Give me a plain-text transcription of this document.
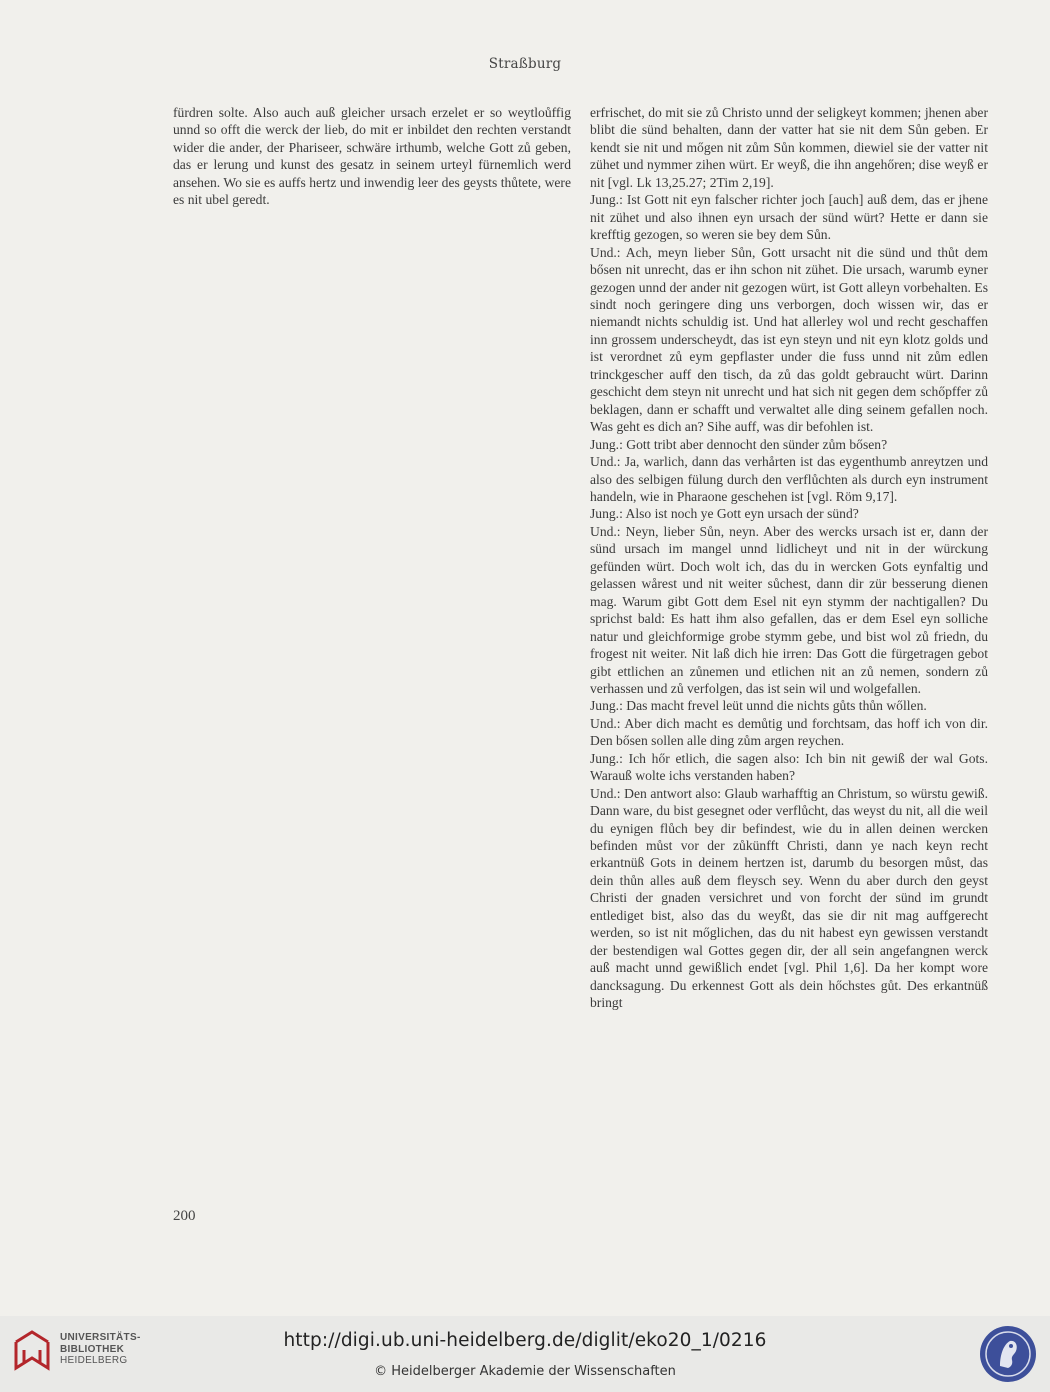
Straßburg

fürdren solte. Also auch auß gleicher ursach erzelet er so weytloůffig unnd so offt die werck der lieb, do mit er inbildet den rechten verstandt wider die ander, der Phariseer, schwäre irthumb, welche Gott zů geben, das er lerung und kunst des gesatz in seinem urteyl fürnemlich werd ansehen. Wo sie es auffs hertz und inwendig leer des geysts thůtete, were es nit ubel geredt.

erfrischet, do mit sie zů Christo unnd der seligkeyt kommen; jhenen aber blibt die sünd behalten, dann der vatter hat sie nit dem Sůn geben. Er kendt sie nit und mőgen nit zům Sůn kommen, diewiel sie der vatter nit zühet und nymmer zihen würt. Er weyß, die ihn angehőren; dise weyß er nit [vgl. Lk 13,25.27; 2Tim 2,19].

Jung.: Ist Gott nit eyn falscher richter joch [auch] auß dem, das er jhene nit zühet und also ihnen eyn ursach der sünd würt? Hette er dann sie krefftig gezogen, so weren sie bey dem Sůn.

Und.: Ach, meyn lieber Sůn, Gott ursacht nit die sünd und thůt dem bősen nit unrecht, das er ihn schon nit zühet. Die ursach, warumb eyner gezogen unnd der ander nit gezogen würt, ist Gott alleyn vorbehalten. Es sindt noch geringere ding uns verborgen, doch wissen wir, das er niemandt nichts schuldig ist. Und hat allerley wol und recht geschaffen inn grossem underscheydt, das ist eyn steyn und nit eyn klotz golds und ist verordnet zů eym gepflaster under die fuss unnd nit zům edlen trinckgescher auff den tisch, da zů das goldt gebraucht würt. Darinn geschicht dem steyn nit unrecht und hat sich nit gegen dem schőpffer zů beklagen, dann er schafft und verwaltet alle ding seinem gefallen noch. Was geht es dich an? Sihe auff, was dir befohlen ist.

Jung.: Gott tribt aber dennocht den sünder zům bősen?

Und.: Ja, warlich, dann das verhårten ist das eygenthumb anreytzen und also des selbigen fülung durch den verflůchten als durch eyn instrument handeln, wie in Pharaone geschehen ist [vgl. Röm 9,17].

Jung.: Also ist noch ye Gott eyn ursach der sünd?

Und.: Neyn, lieber Sůn, neyn. Aber des wercks ursach ist er, dann der sünd ursach im mangel unnd lidlicheyt und nit in der würckung gefünden würt. Doch wolt ich, das du in wercken Gots eynfaltig und gelassen wårest und nit weiter sůchest, dann dir zür besserung dienen mag. Warum gibt Gott dem Esel nit eyn stymm der nachtigallen? Du sprichst bald: Es hatt ihm also gefallen, das er dem Esel eyn solliche natur und gleichformige grobe stymm gebe, und bist wol zů friedn, du frogest nit weiter. Nit laß dich hie irren: Das Gott die fürgetragen gebot gibt ettlichen an zůnemen und etlichen nit an zů nemen, sondern zů verhassen und zů verfolgen, das ist sein wil und wolgefallen.

Jung.: Das macht frevel leüt unnd die nichts gůts thůn wőllen.

Und.: Aber dich macht es demůtig und forchtsam, das hoff ich von dir. Den bősen sollen alle ding zům argen reychen.

Jung.: Ich hőr etlich, die sagen also: Ich bin nit gewiß der wal Gots. Warauß wolte ichs verstanden haben?

Und.: Den antwort also: Glaub warhafftig an Christum, so würstu gewiß. Dann ware, du bist gesegnet oder verflůcht, das weyst du nit, all die weil du eynigen flůch bey dir befindest, wie du in allen deinen wercken befinden můst vor der zůkünfft Christi, dann ye nach keyn recht erkantnüß Gots in deinem hertzen ist, darumb du besorgen můst, das dein thůn alles auß dem fleysch sey. Wenn du aber durch den geyst Christi der gnaden versichret und von forcht der sünd im grundt entlediget bist, also das du weyßt, das sie dir nit mag auffgerecht werden, so ist nit mőglichen, das du nit habest eyn gewissen verstandt der bestendigen wal Gottes gegen dir, der all sein angefangnen werck auß macht unnd gewißlich endet [vgl. Phil 1,6]. Da her kompt wore dancksagung. Du erkennest Gott als dein hőchstes gůt. Des erkantnüß bringt

200
UNIVERSITÄTS-
BIBLIOTHEK
HEIDELBERG
http://digi.ub.uni-heidelberg.de/diglit/eko20_1/0216
© Heidelberger Akademie der Wissenschaften
